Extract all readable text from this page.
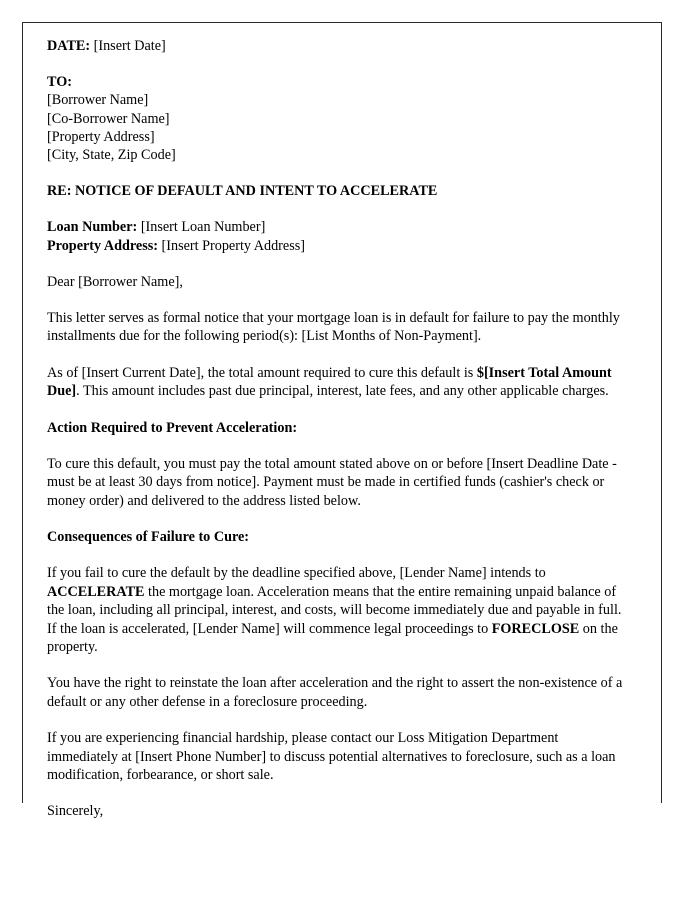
DATE: [Insert Date]

TO:

[Borrower Name]

[Co-Borrower Name]

[Property Address]

[City, State, Zip Code]

RE: NOTICE OF DEFAULT AND INTENT TO ACCELERATE

Loan Number: [Insert Loan Number]

Property Address: [Insert Property Address]

Dear [Borrower Name],

This letter serves as formal notice that your mortgage loan is in default for failure to pay the monthly installments due for the following period(s): [List Months of Non-Payment].

As of [Insert Current Date], the total amount required to cure this default is $[Insert Total Amount Due]. This amount includes past due principal, interest, late fees, and any other applicable charges.

Action Required to Prevent Acceleration:

To cure this default, you must pay the total amount stated above on or before [Insert Deadline Date - must be at least 30 days from notice]. Payment must be made in certified funds (cashier's check or money order) and delivered to the address listed below.

Consequences of Failure to Cure:

If you fail to cure the default by the deadline specified above, [Lender Name] intends to ACCELERATE the mortgage loan. Acceleration means that the entire remaining unpaid balance of the loan, including all principal, interest, and costs, will become immediately due and payable in full. If the loan is accelerated, [Lender Name] will commence legal proceedings to FORECLOSE on the property.

You have the right to reinstate the loan after acceleration and the right to assert the non-existence of a default or any other defense in a foreclosure proceeding.

If you are experiencing financial hardship, please contact our Loss Mitigation Department immediately at [Insert Phone Number] to discuss potential alternatives to foreclosure, such as a loan modification, forbearance, or short sale.

Sincerely,
